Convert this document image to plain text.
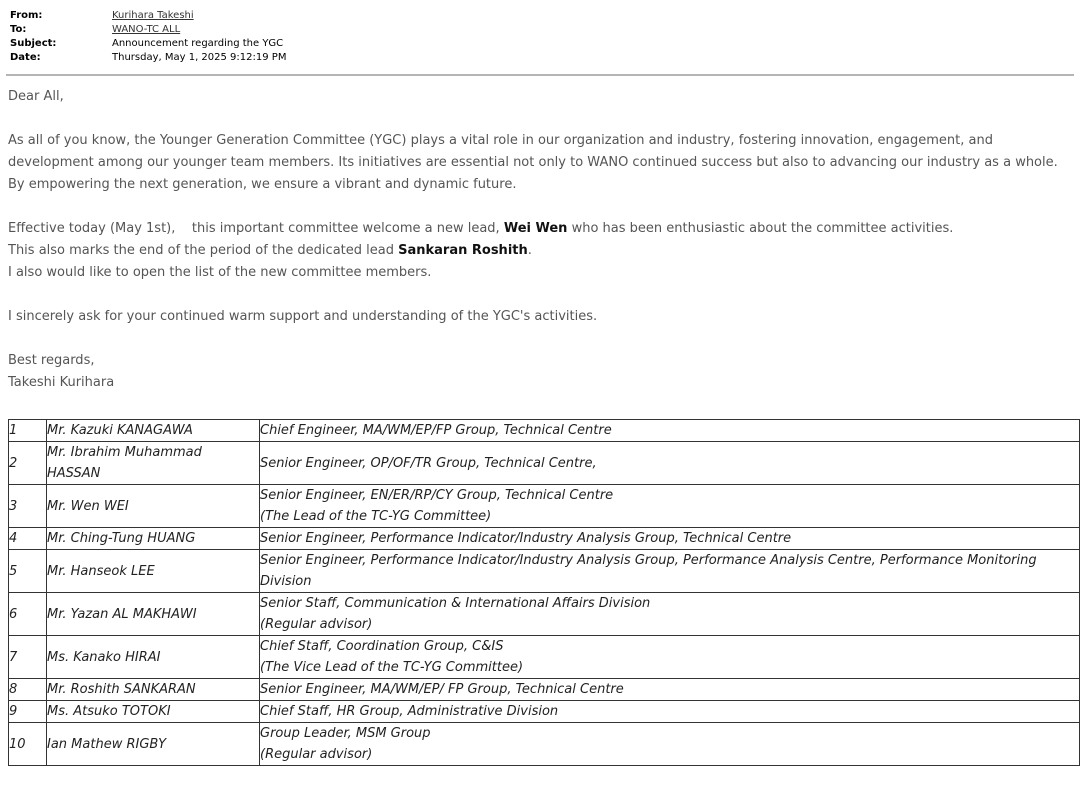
From:	Kurihara Takeshi
To:	WANO-TC ALL
Subject:	Announcement regarding the YGC
Date:	Thursday, May 1, 2025 9:12:19 PM

Dear All,

As all of you know, the Younger Generation Committee (YGC) plays a vital role in our organization and industry, fostering innovation, engagement, and development among our younger team members. Its initiatives are essential not only to WANO continued success but also to advancing our industry as a whole. By empowering the next generation, we ensure a vibrant and dynamic future.

Effective today (May 1st),    this important committee welcome a new lead, Wei Wen who has been enthusiastic about the committee activities.

This also marks the end of the period of the dedicated lead Sankaran Roshith.

I also would like to open the list of the new committee members.

I sincerely ask for your continued warm support and understanding of the YGC's activities.

Best regards,

Takeshi Kurihara

1	Mr. Kazuki KANAGAWA	Chief Engineer, MA/WM/EP/FP Group, Technical Centre

2	Mr. Ibrahim Muhammad HASSAN	Senior Engineer, OP/OF/TR Group, Technical Centre,

3	Mr. Wen WEI	Senior Engineer, EN/ER/RP/CY Group, Technical Centre
(The Lead of the TC-YG Committee)

4	Mr. Ching-Tung HUANG	Senior Engineer, Performance Indicator/Industry Analysis Group, Technical Centre

5	Mr. Hanseok LEE	Senior Engineer, Performance Indicator/Industry Analysis Group, Performance Analysis Centre, Performance Monitoring Division

6	Mr. Yazan AL MAKHAWI	Senior Staff, Communication & International Affairs Division
(Regular advisor)

7	Ms. Kanako HIRAI	Chief Staff, Coordination Group, C&IS
(The Vice Lead of the TC-YG Committee)

8	Mr. Roshith SANKARAN	Senior Engineer, MA/WM/EP/ FP Group, Technical Centre

9	Ms. Atsuko TOTOKI	Chief Staff, HR Group, Administrative Division

10	Ian Mathew RIGBY	Group Leader, MSM Group
(Regular advisor)
